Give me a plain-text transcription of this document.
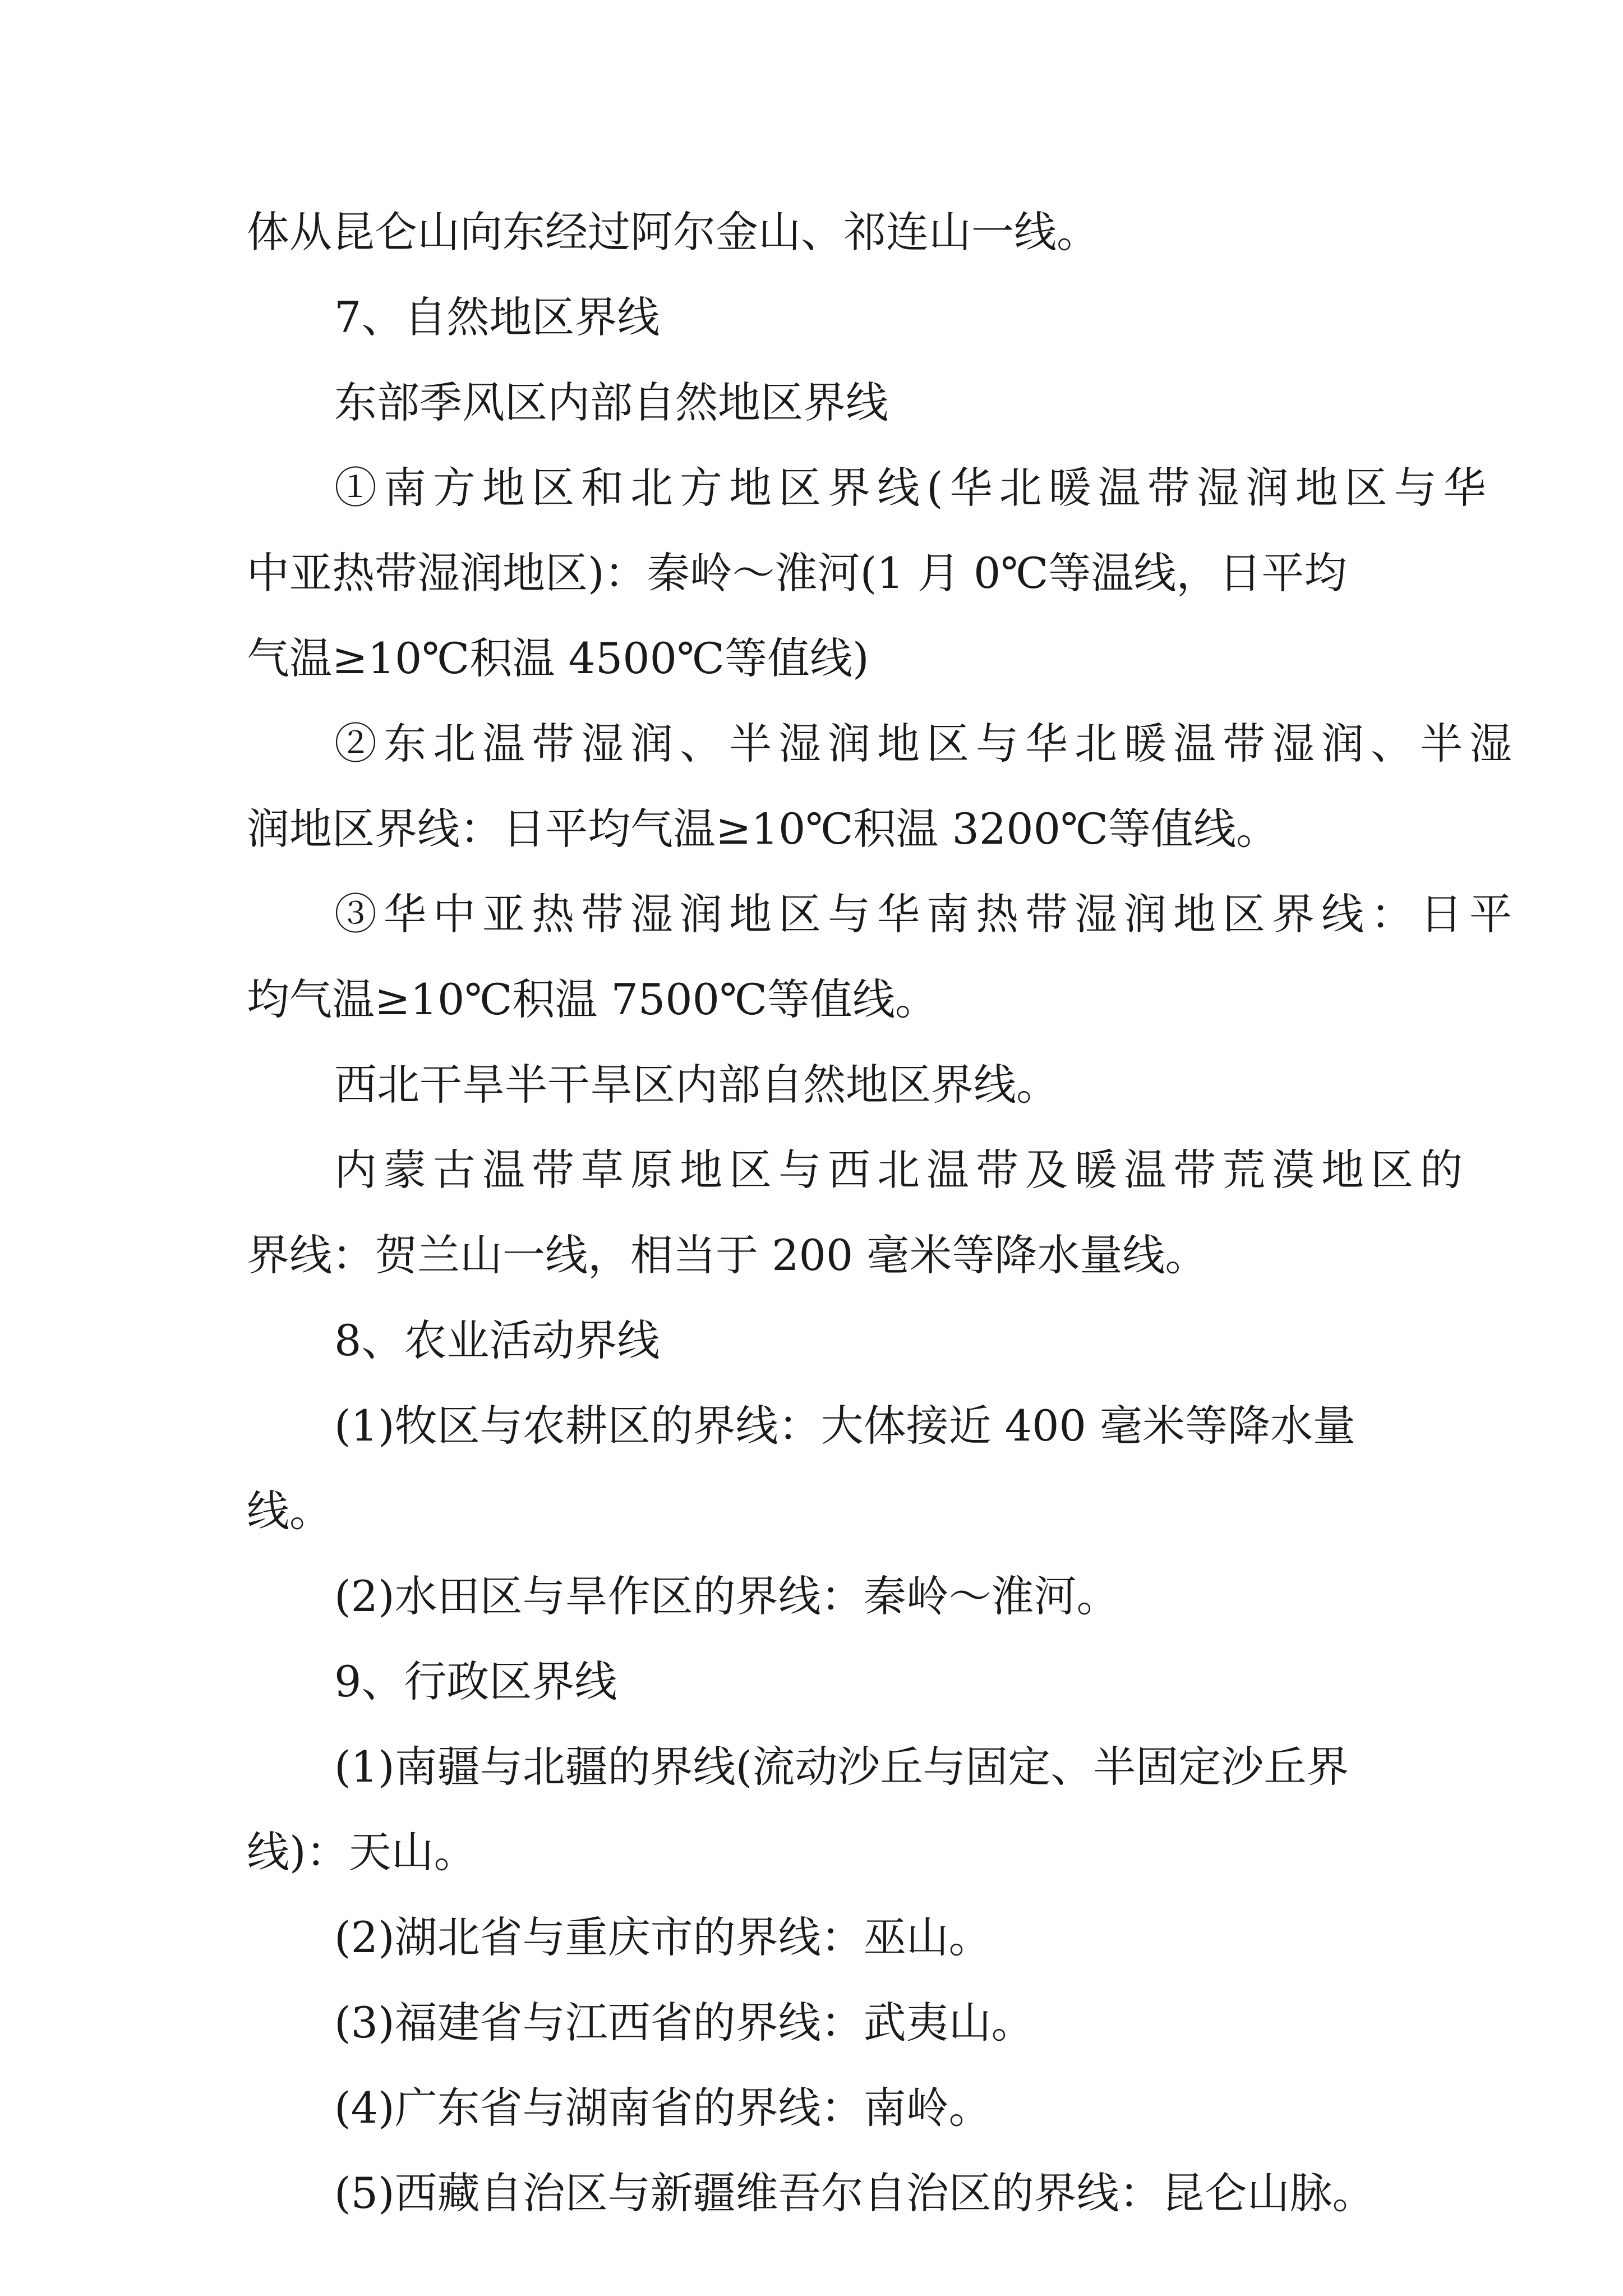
体从昆仑山向东经过阿尔金山、祁连山一线。
7、自然地区界线
东部季风区内部自然地区界线
①南方地区和北方地区界线(华北暖温带湿润地区与华
中亚热带湿润地区)：秦岭～淮河(1 月 0℃等温线，日平均
气温≥10℃积温 4500℃等值线)
②东北温带湿润、半湿润地区与华北暖温带湿润、半湿
润地区界线：日平均气温≥10℃积温 3200℃等值线。
③华中亚热带湿润地区与华南热带湿润地区界线：日平
均气温≥10℃积温 7500℃等值线。
西北干旱半干旱区内部自然地区界线。
内蒙古温带草原地区与西北温带及暖温带荒漠地区的
界线：贺兰山一线，相当于 200 毫米等降水量线。
8、农业活动界线
(1)牧区与农耕区的界线：大体接近 400 毫米等降水量
线。
(2)水田区与旱作区的界线：秦岭～淮河。
9、行政区界线
(1)南疆与北疆的界线(流动沙丘与固定、半固定沙丘界
线)：天山。
(2)湖北省与重庆市的界线：巫山。
(3)福建省与江西省的界线：武夷山。
(4)广东省与湖南省的界线：南岭。
(5)西藏自治区与新疆维吾尔自治区的界线：昆仑山脉。
